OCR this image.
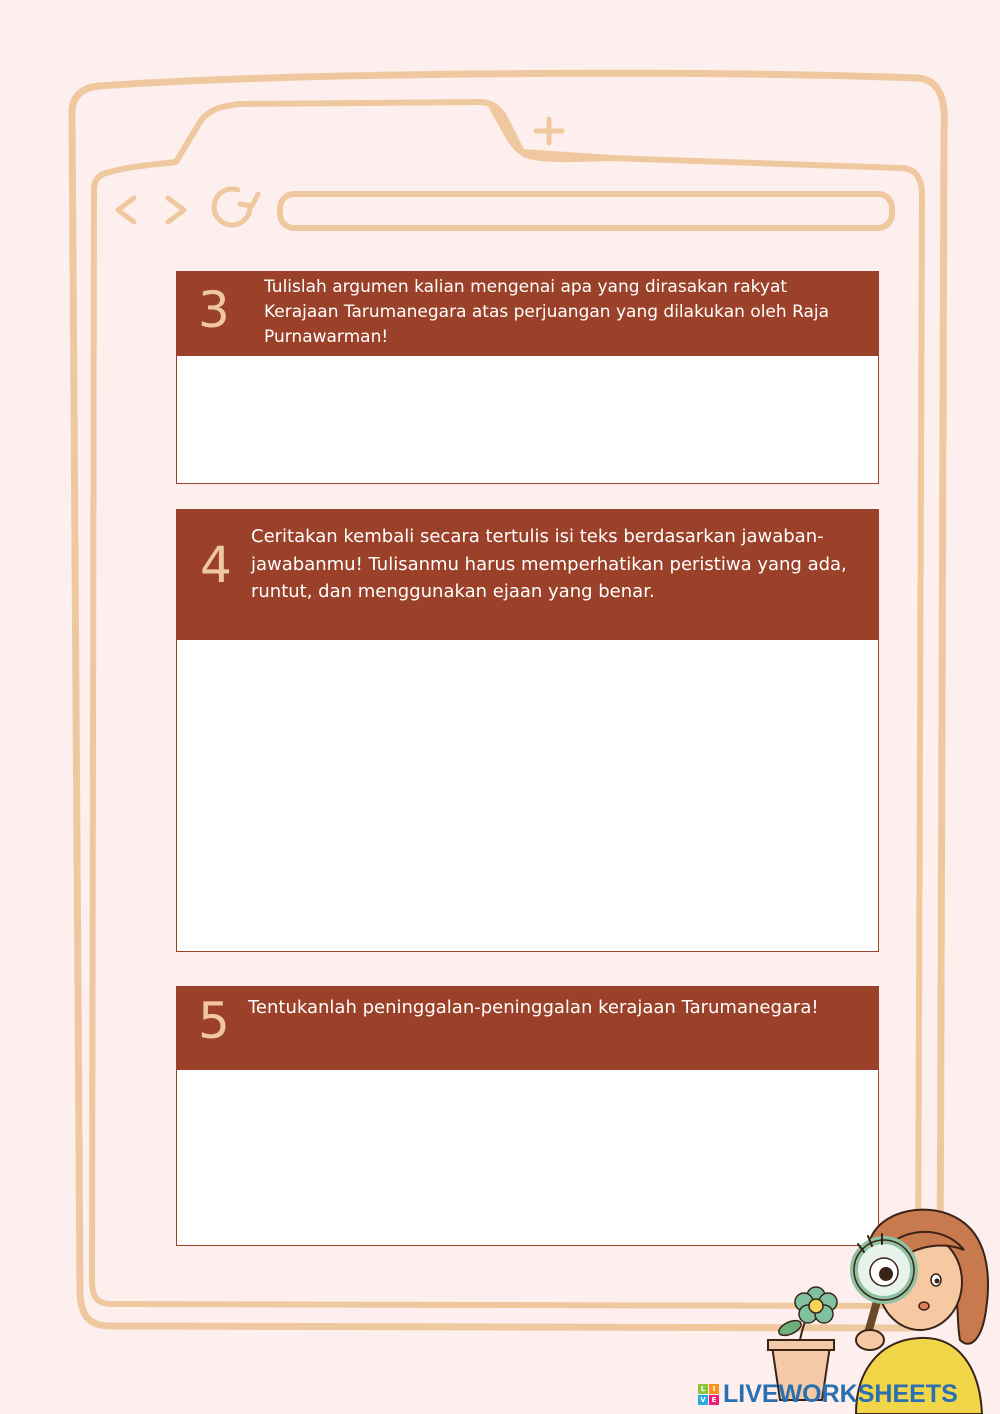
3 Tulislah argumen kalian mengenai apa yang dirasakan rakyat Kerajaan Tarumanegara atas perjuangan yang dilakukan oleh Raja Purnawarman!
4 Ceritakan kembali secara tertulis isi teks berdasarkan jawaban-jawabanmu! Tulisanmu harus memperhatikan peristiwa yang ada, runtut, dan menggunakan ejaan yang benar.
5 Tentukanlah peninggalan-peninggalan kerajaan Tarumanegara!
L	I
V E LIVEWORKSHEETS
